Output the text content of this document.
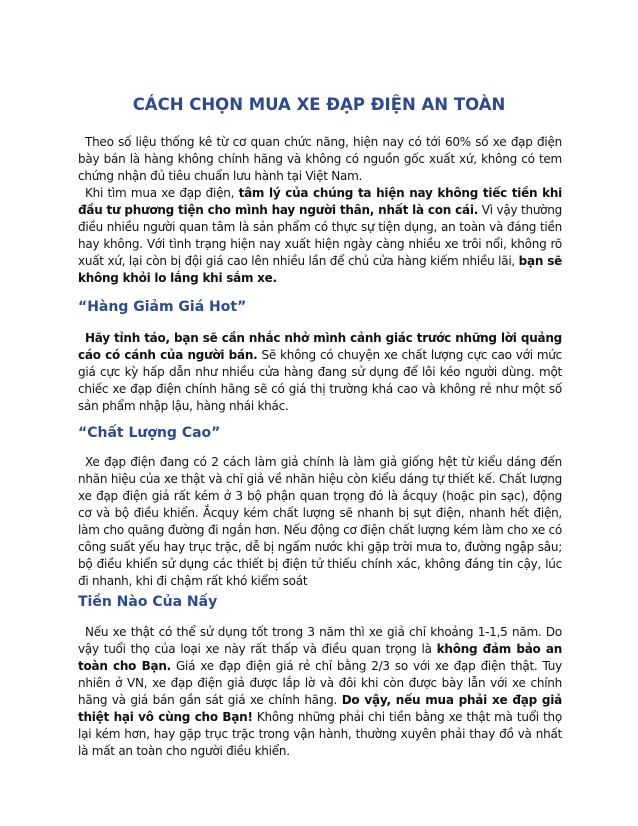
CÁCH CHỌN MUA XE ĐẠP ĐIỆN AN TOÀN

Theo số liệu thống kê từ cơ quan chức năng, hiện nay có tới 60% số xe đạp điện bày bán là hàng không chính hãng và không có nguồn gốc xuất xứ, không có tem chứng nhận đủ tiêu chuẩn lưu hành tại Việt Nam.

Khi tìm mua xe đạp điện, tâm lý của chúng ta hiện nay không tiếc tiền khi đầu tư phương tiện cho mình hay người thân, nhất là con cái. Vì vậy thường điều nhiều người quan tâm là sản phẩm có thực sự tiện dụng, an toàn và đáng tiền hay không. Với tình trạng hiện nay xuất hiện ngày càng nhiều xe trôi nổi, không rõ xuất xứ, lại còn bị đội giá cao lên nhiều lần để chủ cửa hàng kiếm nhiều lãi, bạn sẽ không khỏi lo lắng khi sắm xe.

“Hàng Giảm Giá Hot”

Hãy tỉnh táo, bạn sẽ cần nhắc nhở mình cảnh giác trước những lời quảng cáo có cánh của người bán. Sẽ không có chuyện xe chất lượng cực cao với mức giá cực kỳ hấp dẫn như nhiều cửa hàng đang sử dụng để lôi kéo người dùng. một chiếc xe đạp điện chính hãng sẽ có giá thị trường khá cao và không rẻ như một số sản phẩm nhập lậu, hàng nhái khác.

“Chất Lượng Cao”

Xe đạp điện đang có 2 cách làm giả chính là làm giả giống hệt từ kiểu dáng đến nhãn hiệu của xe thật và chỉ giả về nhãn hiệu còn kiểu dáng tự thiết kế. Chất lượng xe đạp điện giả rất kém ở 3 bộ phận quan trọng đó là ắcquy (hoặc pin sạc), động cơ và bộ điều khiển. Ắcquy kém chất lượng sẽ nhanh bị sụt điện, nhanh hết điện, làm cho quãng đường đi ngắn hơn. Nếu động cơ điện chất lượng kém làm cho xe có công suất yếu hay trục trặc, dễ bị ngấm nước khi gặp trời mưa to, đường ngập sâu; bộ điều khiển sử dụng các thiết bị điện tử thiếu chính xác, không đáng tin cậy, lúc đi nhanh, khi đi chậm rất khó kiểm soát

Tiền Nào Của Nấy

Nếu xe thật có thể sử dụng tốt trong 3 năm thì xe giả chỉ khoảng 1-1,5 năm. Do vậy tuổi thọ của loại xe này rất thấp và điều quan trọng là không đảm bảo an toàn cho Bạn. Giá xe đạp điện giá rẻ chỉ bằng 2/3 so với xe đạp điện thật. Tuy nhiên ở VN, xe đạp điện giả được lắp lờ và đôi khi còn được bày lẫn với xe chính hãng và giá bán gần sát giá xe chính hãng. Do vậy, nếu mua phải xe đạp giả thiệt hại vô cùng cho Bạn! Không những phải chi tiền bằng xe thật mà tuổi thọ lại kém hơn, hay gặp trục trặc trong vận hành, thường xuyên phải thay đồ và nhất là mất an toàn cho người điều khiển.
